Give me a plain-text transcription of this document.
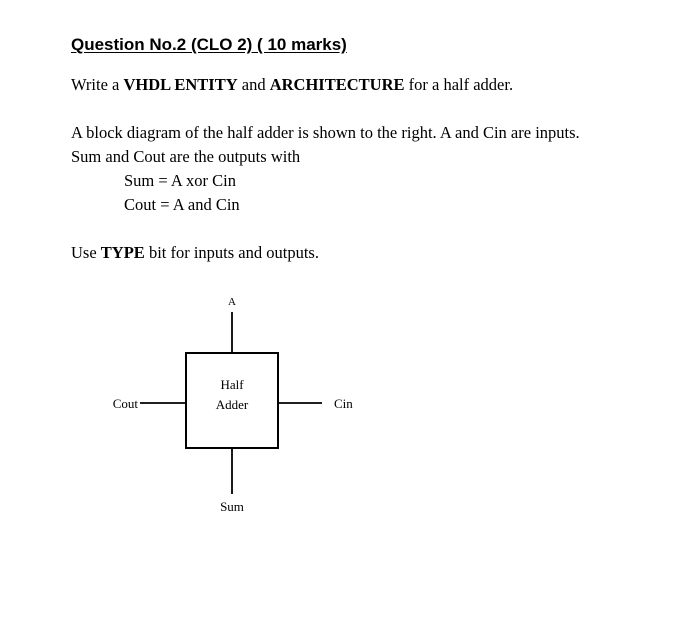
Question No.2 (CLO 2) ( 10 marks)
Write a VHDL ENTITY and ARCHITECTURE for a half adder.
A block diagram of the half adder is shown to the right. A and Cin are inputs.
Sum and Cout are the outputs with
Sum = A xor Cin
Cout = A and Cin
Use TYPE bit for inputs and outputs.
Half
Adder
A
Cout	Cin
Sum
